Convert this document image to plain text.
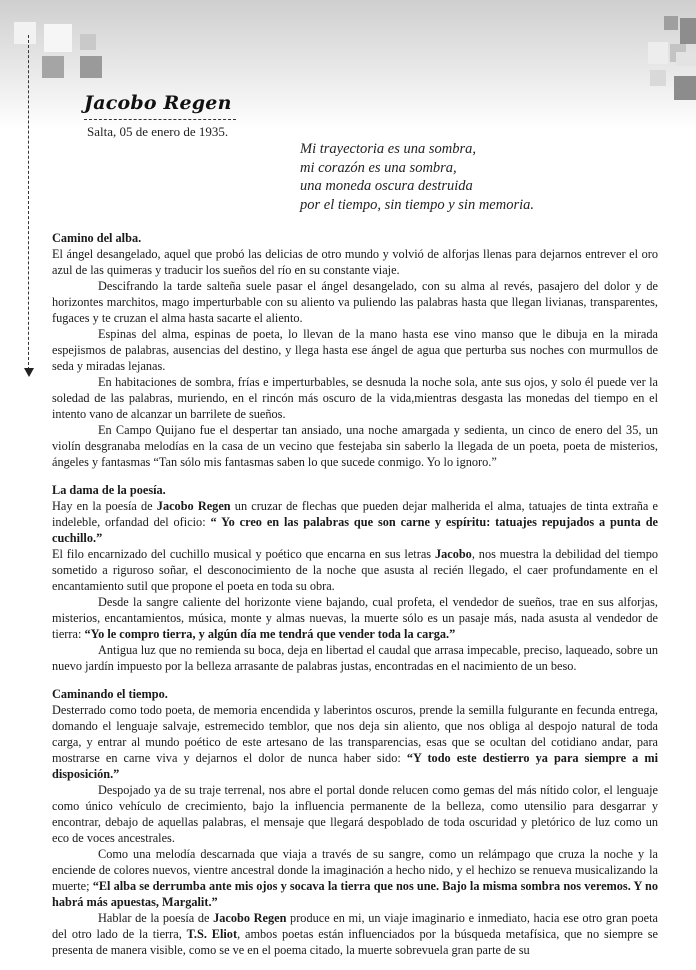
Jacobo Regen
Salta, 05 de enero de 1935.
Mi trayectoria es una sombra,
mi corazón es una sombra,
una moneda oscura destruida
por el tiempo, sin tiempo y sin memoria.
Camino del alba.
El ángel desangelado, aquel que probó las delicias de otro mundo y volvió de alforjas llenas para dejarnos entrever el oro azul de las quimeras y traducir los sueños del río en su constante viaje.
Descifrando la tarde salteña suele pasar el ángel desangelado, con su alma al revés, pasajero del dolor y de horizontes marchitos, mago imperturbable con su aliento va puliendo las palabras hasta que llegan livianas, transparentes, fugaces y te cruzan el alma hasta sacarte el aliento.
Espinas del alma, espinas de poeta, lo llevan de la mano hasta ese vino manso que le dibuja en la mirada espejismos de palabras, ausencias del destino, y llega hasta ese ángel de agua que perturba sus noches con murmullos de seda y miradas lejanas.
En habitaciones de sombra, frías e imperturbables, se desnuda la noche sola, ante sus ojos, y solo él puede ver la soledad de las palabras, muriendo, en el rincón más oscuro de la vida,mientras desgasta las monedas del tiempo en el intento vano de alcanzar un barrilete de sueños.
En Campo Quijano fue el despertar tan ansiado, una noche amargada y sedienta, un cinco de enero del 35, un violín desgranaba melodías en la casa de un vecino que festejaba sin saberlo la llegada de un poeta, poeta de misterios, ángeles y fantasmas “Tan sólo mis fantasmas saben lo que sucede conmigo. Yo lo ignoro.”
La dama de la poesía.
Hay en la poesía de Jacobo Regen un cruzar de flechas que pueden dejar malherida el alma, tatuajes de tinta extraña e indeleble, orfandad del oficio: “ Yo creo en las palabras que son carne y espíritu: tatuajes repujados a punta de cuchillo.”
El filo encarnizado del cuchillo musical y poético que encarna en sus letras Jacobo, nos muestra la debilidad del tiempo sometido a riguroso soñar, el desconocimiento de la noche que asusta al recién llegado, el caer profundamente en el encantamiento sutil que propone el poeta en toda su obra.
Desde la sangre caliente del horizonte viene bajando, cual profeta, el vendedor de sueños, trae en sus alforjas, misterios, encantamientos, música, monte y almas nuevas, la muerte sólo es un pasaje más, nada asusta al vendedor de tierra: “Yo le compro tierra, y algún día me tendrá que vender toda la carga.”
Antigua luz que no remienda su boca, deja en libertad el caudal que arrasa impecable, preciso, laqueado, sobre un nuevo jardín impuesto por la belleza arrasante de palabras justas, encontradas en el nacimiento de un beso.
Caminando el tiempo.
Desterrado como todo poeta, de memoria encendida y laberintos oscuros, prende la semilla fulgurante en fecunda entrega, domando el lenguaje salvaje, estremecido temblor, que nos deja sin aliento, que nos obliga al despojo natural de toda carga, y entrar al mundo poético de este artesano de las transparencias, esas que se ocultan del cotidiano andar, para mostrarse en carne viva y dejarnos el dolor de nunca haber sido: “Y todo este destierro ya para siempre a mi disposición.”
Despojado ya de su traje terrenal, nos abre el portal donde relucen como gemas del más nítido color, el lenguaje como único vehículo de crecimiento, bajo la influencia permanente de la belleza, como utensilio para desgarrar y encontrar, debajo de aquellas palabras, el mensaje que llegará despoblado de toda oscuridad y pletórico de luz como un eco de voces ancestrales.
Como una melodía descarnada que viaja a través de su sangre, como un relámpago que cruza la noche y la enciende de colores nuevos, vientre ancestral donde la imaginación a hecho nido, y el hechizo se renueva musicalizando la muerte; “El alba se derrumba ante mis ojos y socava la tierra que nos une. Bajo la misma sombra nos veremos. Y no habrá más apuestas, Margalit.”
Hablar de la poesía de Jacobo Regen produce en mi, un viaje imaginario e inmediato, hacia ese otro gran poeta del otro lado de la tierra, T.S. Eliot, ambos poetas están influenciados por la búsqueda metafísica, que no siempre se presenta de manera visible, como se ve en el poema citado, la muerte sobrevuela gran parte de su
